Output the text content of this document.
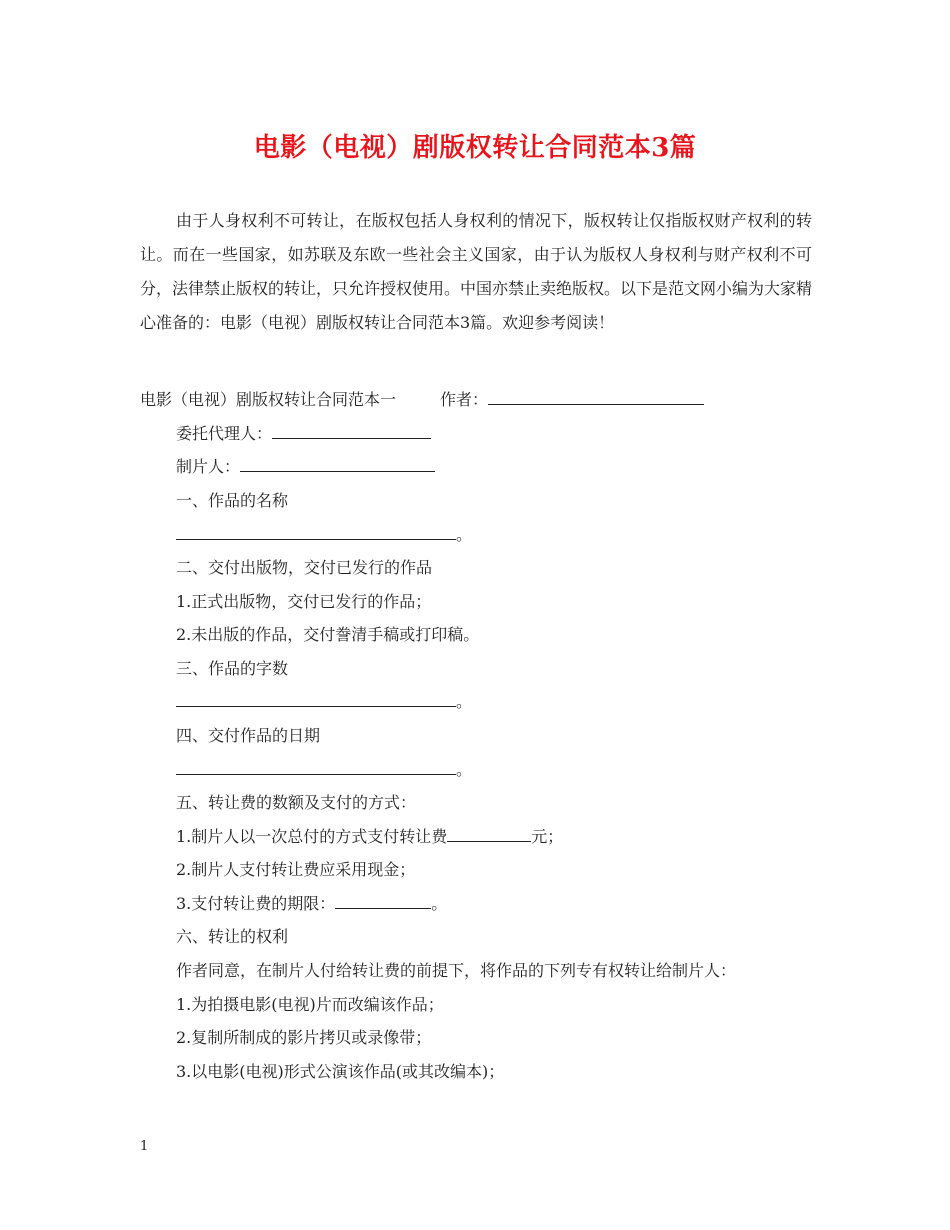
电影（电视）剧版权转让合同范本3篇

由于人身权利不可转让，在版权包括人身权利的情况下，版权转让仅指版权财产权利的转让。而在一些国家，如苏联及东欧一些社会主义国家，由于认为版权人身权利与财产权利不可分，法律禁止版权的转让，只允许授权使用。中国亦禁止卖绝版权。以下是范文网小编为大家精心准备的：电影（电视）剧版权转让合同范本3篇。欢迎参考阅读！

电影（电视）剧版权转让合同范本一	作者：
委托代理人：
制片人：
一、作品的名称
。
二、交付出版物，交付已发行的作品
1.正式出版物，交付已发行的作品；
2.未出版的作品，交付誊清手稿或打印稿。
三、作品的字数
。
四、交付作品的日期
。
五、转让费的数额及支付的方式：
1.制片人以一次总付的方式支付转让费	元；
2.制片人支付转让费应采用现金；
3.支付转让费的期限：	。
六、转让的权利
作者同意，在制片人付给转让费的前提下，将作品的下列专有权转让给制片人：
1.为拍摄电影(电视)片而改编该作品；
2.复制所制成的影片拷贝或录像带；
3.以电影(电视)形式公演该作品(或其改编本)；
1
